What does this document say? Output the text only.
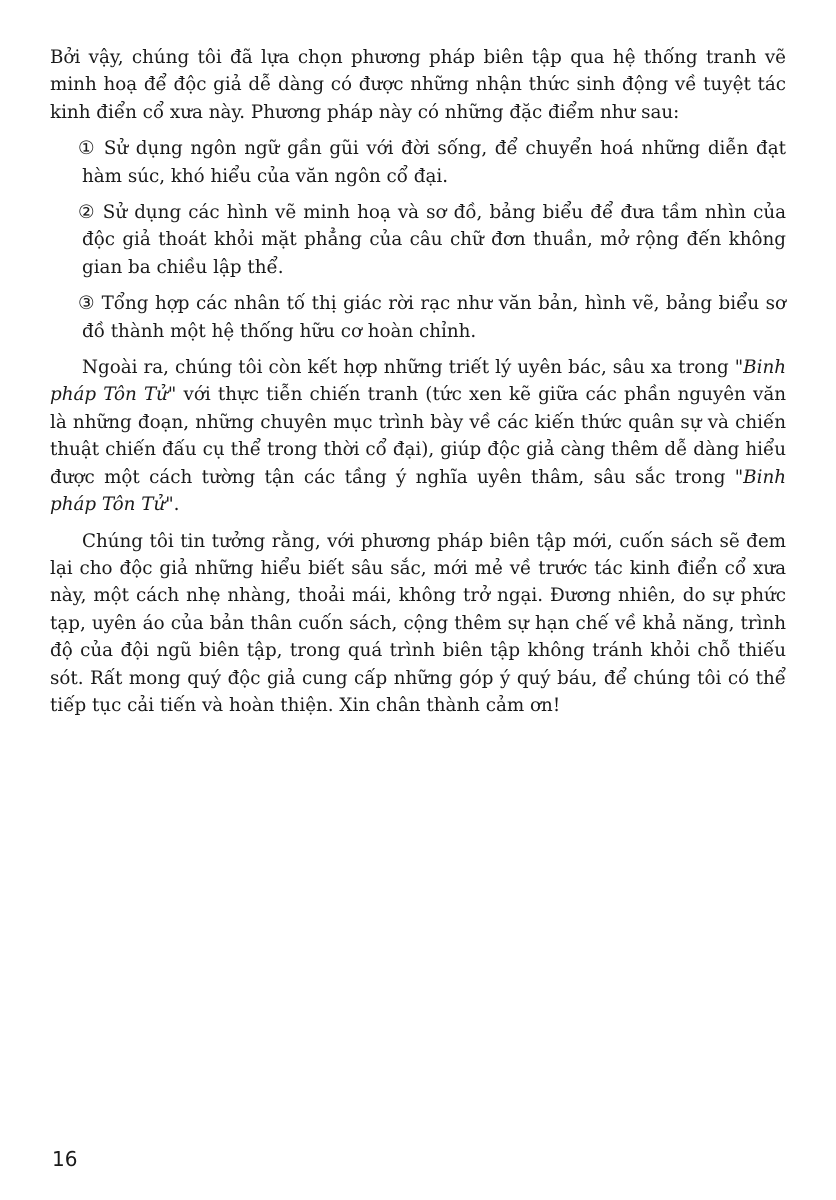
Bởi vậy, chúng tôi đã lựa chọn phương pháp biên tập qua hệ thống tranh vẽ minh hoạ để độc giả dễ dàng có được những nhận thức sinh động về tuyệt tác kinh điển cổ xưa này. Phương pháp này có những đặc điểm như sau:

① Sử dụng ngôn ngữ gần gũi với đời sống, để chuyển hoá những diễn đạt hàm súc, khó hiểu của văn ngôn cổ đại.

② Sử dụng các hình vẽ minh hoạ và sơ đồ, bảng biểu để đưa tầm nhìn của độc giả thoát khỏi mặt phẳng của câu chữ đơn thuần, mở rộng đến không gian ba chiều lập thể.

③ Tổng hợp các nhân tố thị giác rời rạc như văn bản, hình vẽ, bảng biểu sơ đồ thành một hệ thống hữu cơ hoàn chỉnh.

Ngoài ra, chúng tôi còn kết hợp những triết lý uyên bác, sâu xa trong "Binh pháp Tôn Tử" với thực tiễn chiến tranh (tức xen kẽ giữa các phần nguyên văn là những đoạn, những chuyên mục trình bày về các kiến thức quân sự và chiến thuật chiến đấu cụ thể trong thời cổ đại), giúp độc giả càng thêm dễ dàng hiểu được một cách tường tận các tầng ý nghĩa uyên thâm, sâu sắc trong "Binh pháp Tôn Tử".

Chúng tôi tin tưởng rằng, với phương pháp biên tập mới, cuốn sách sẽ đem lại cho độc giả những hiểu biết sâu sắc, mới mẻ về trước tác kinh điển cổ xưa này, một cách nhẹ nhàng, thoải mái, không trở ngại. Đương nhiên, do sự phức tạp, uyên áo của bản thân cuốn sách, cộng thêm sự hạn chế về khả năng, trình độ của đội ngũ biên tập, trong quá trình biên tập không tránh khỏi chỗ thiếu sót. Rất mong quý độc giả cung cấp những góp ý quý báu, để chúng tôi có thể tiếp tục cải tiến và hoàn thiện. Xin chân thành cảm ơn!

16
